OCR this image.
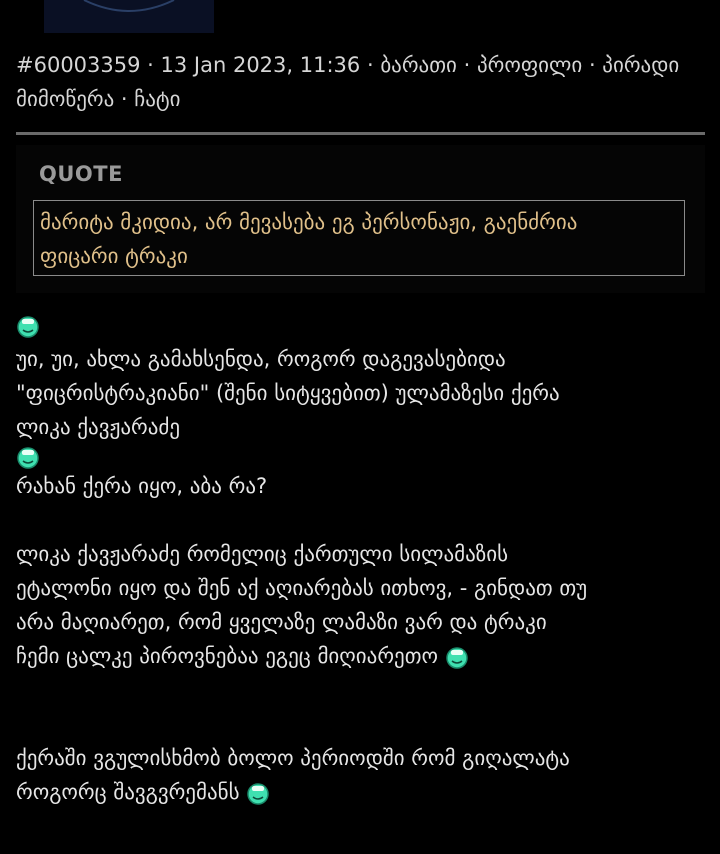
#60003359 · 13 Jan 2023, 11:36 · ბარათი · პროფილი · პირადი მიმოწერა · ჩატი
QUOTE
მარიტა მკიდია, არ მევასება ეგ პერსონაჟი, გაენძრია
ფიცარი ტრაკი
უი, უი, ახლა გამახსენდა, როგორ დაგევასებიდა
"ფიცრისტრაკიანი" (შენი სიტყვებით) ულამაზესი ქერა
ლიკა ქავჟარაძე
რახან ქერა იყო, აბა რა?
ლიკა ქავჟარაძე რომელიც ქართული სილამაზის
ეტალონი იყო და შენ აქ აღიარებას ითხოვ, - გინდათ თუ
არა მაღიარეთ, რომ ყველაზე ლამაზი ვარ და ტრაკი
ჩემი ცალკე პიროვნებაა ეგეც მიღიარეთო
ქერაში ვგულისხმობ ბოლო პერიოდში რომ გიღალატა
როგორც შავგვრემანს
